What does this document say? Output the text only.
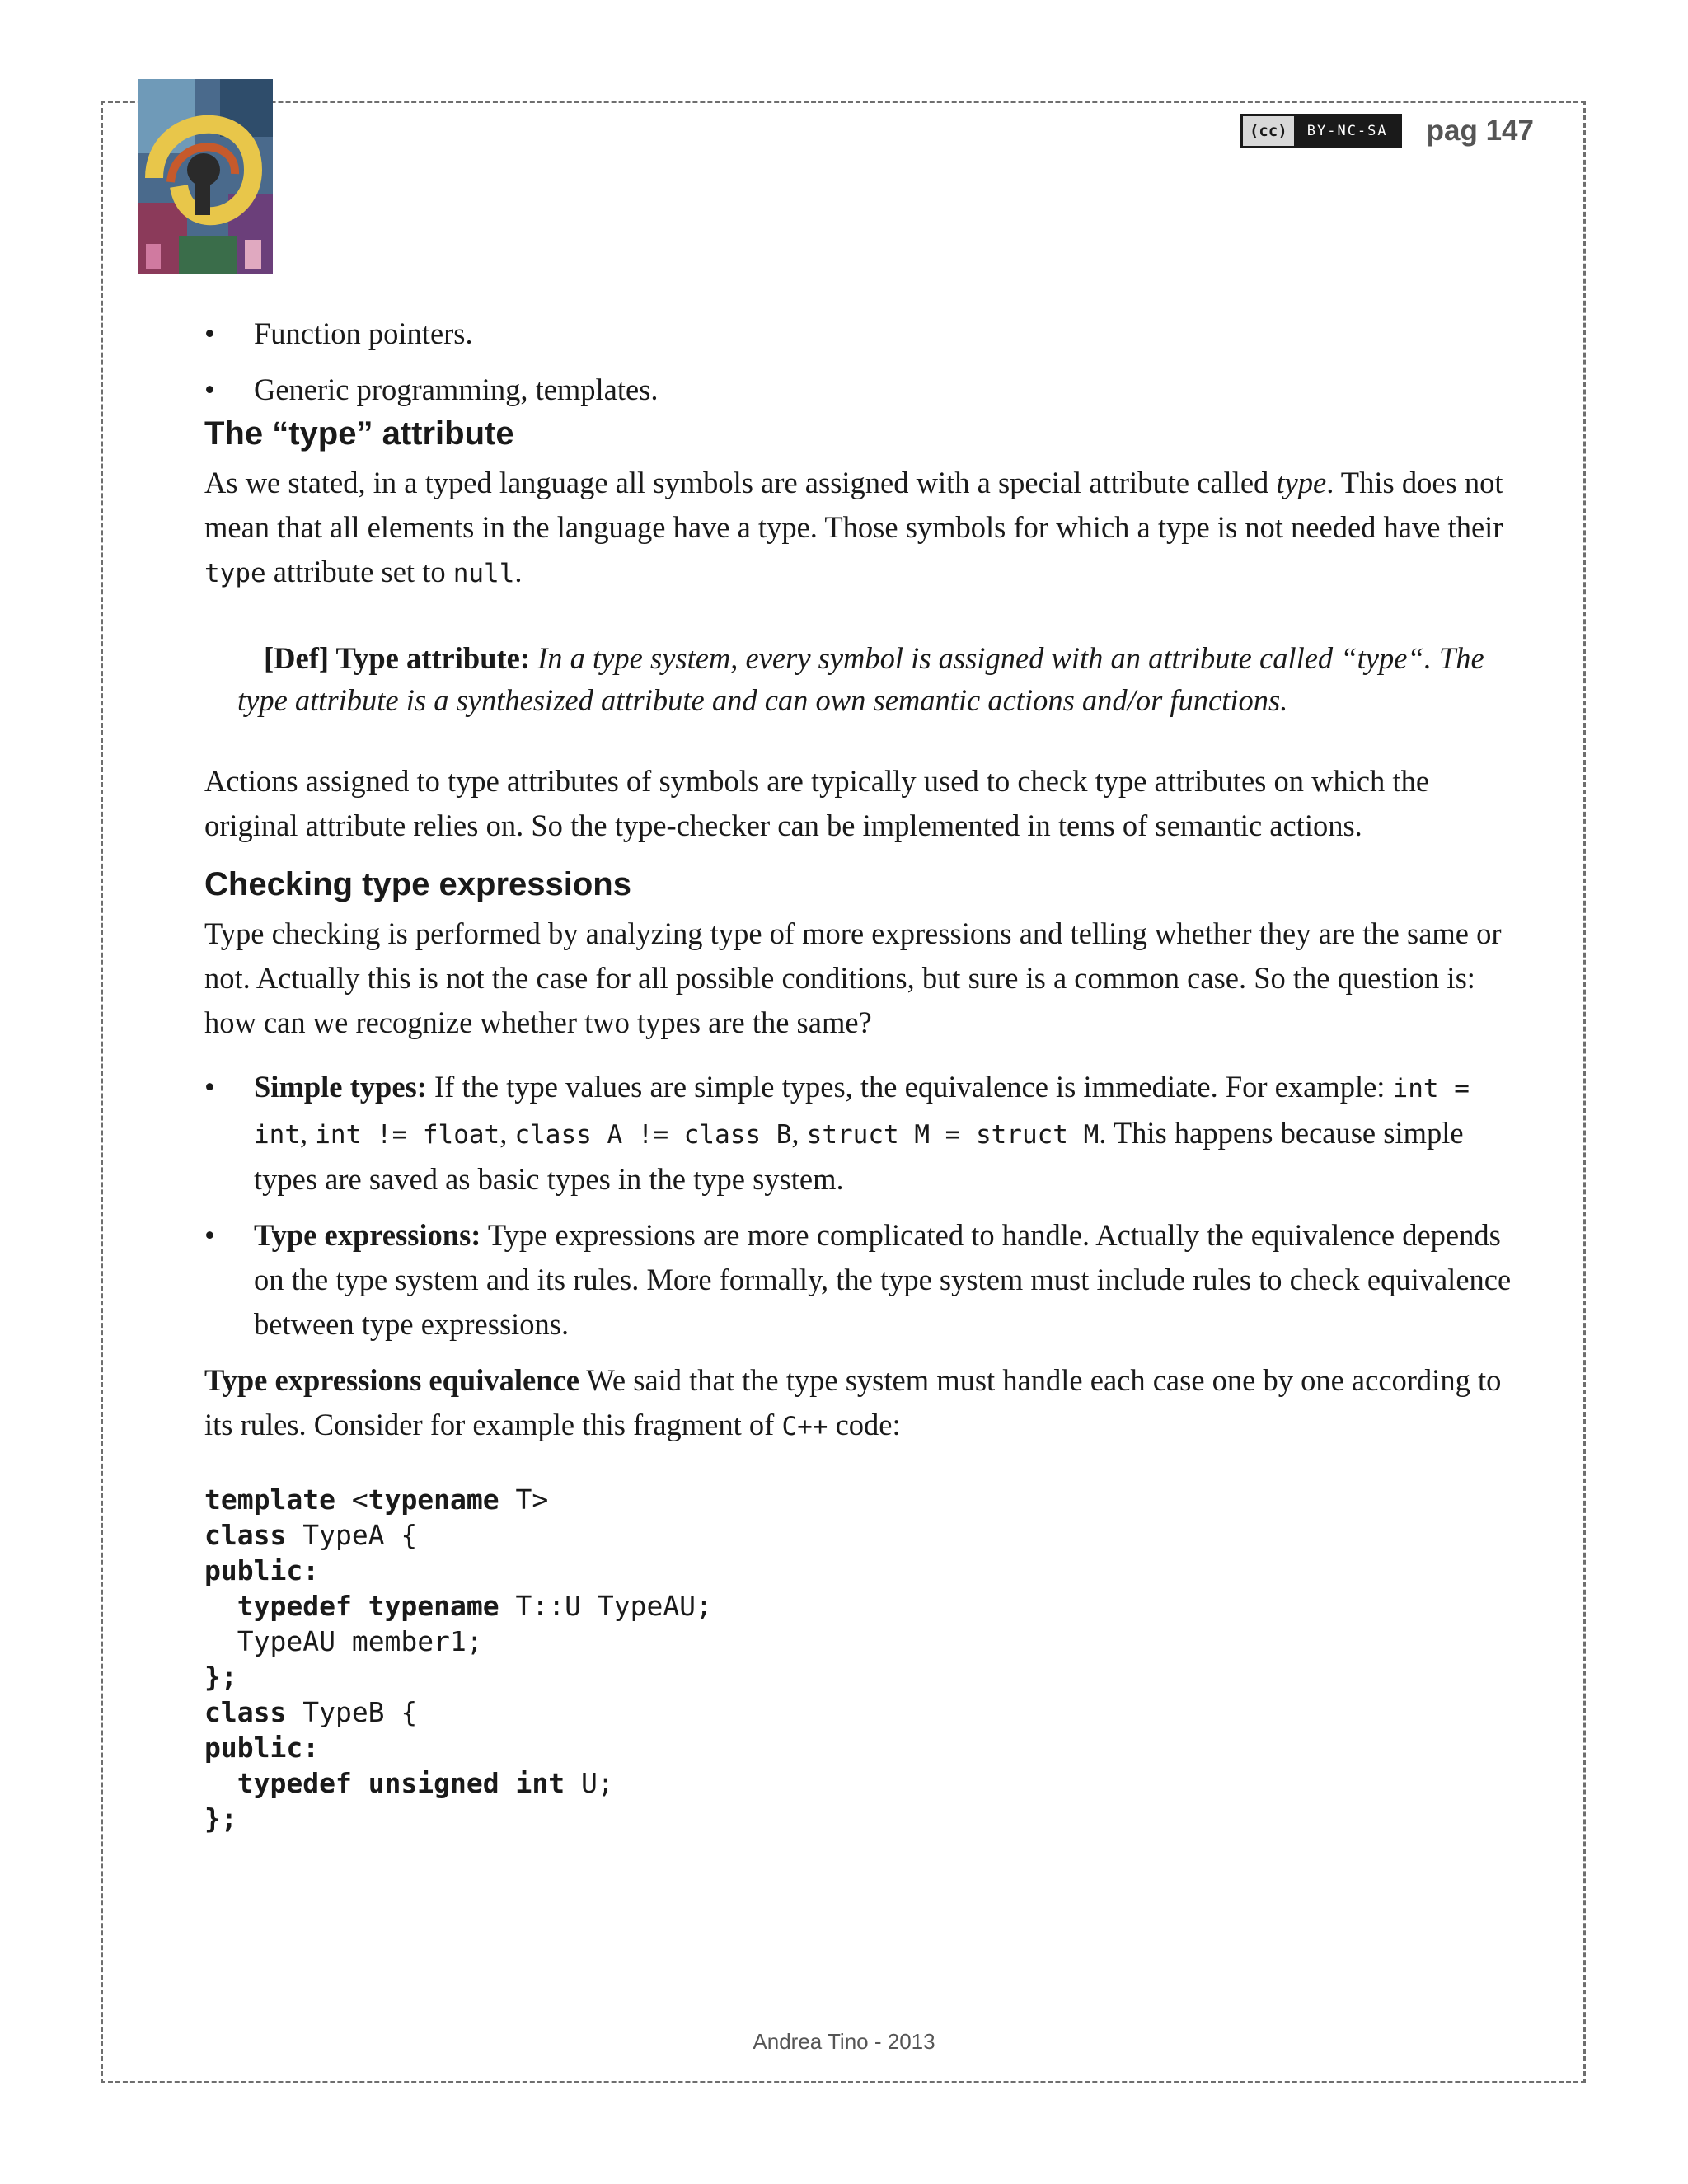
(cc)	BY-NC-SA	pag 147
• Function pointers.
• Generic programming, templates.
The “type” attribute

As we stated, in a typed language all symbols are assigned with a special attribute called type. This does not mean that all elements in the language have a type. Those symbols for which a type is not needed have their type attribute set to null.

[Def] Type attribute: In a type system, every symbol is assigned with an attribute called “type“. The type attribute is a synthesized attribute and can own semantic actions and/or functions.

Actions assigned to type attributes of symbols are typically used to check type attributes on which the original attribute relies on. So the type-checker can be implemented in tems of semantic actions.

Checking type expressions

Type checking is performed by analyzing type of more expressions and telling whether they are the same or not. Actually this is not the case for all possible conditions, but sure is a common case. So the question is: how can we recognize whether two types are the same?

• Simple types: If the type values are simple types, the equivalence is immediate. For example: int = int, int != float, class A != class B, struct M = struct M. This happens because simple types are saved as basic types in the type system.
• Type expressions: Type expressions are more complicated to handle. Actually the equivalence depends on the type system and its rules. More formally, the type system must include rules to check equivalence between type expressions.

Type expressions equivalence We said that the type system must handle each case one by one according to its rules. Consider for example this fragment of C++ code:

template <typename T>
class TypeA {
public:
typedef typename T::U TypeAU;
TypeAU member1;
};
class TypeB {
public:
typedef unsigned int U;
};
Andrea Tino - 2013
